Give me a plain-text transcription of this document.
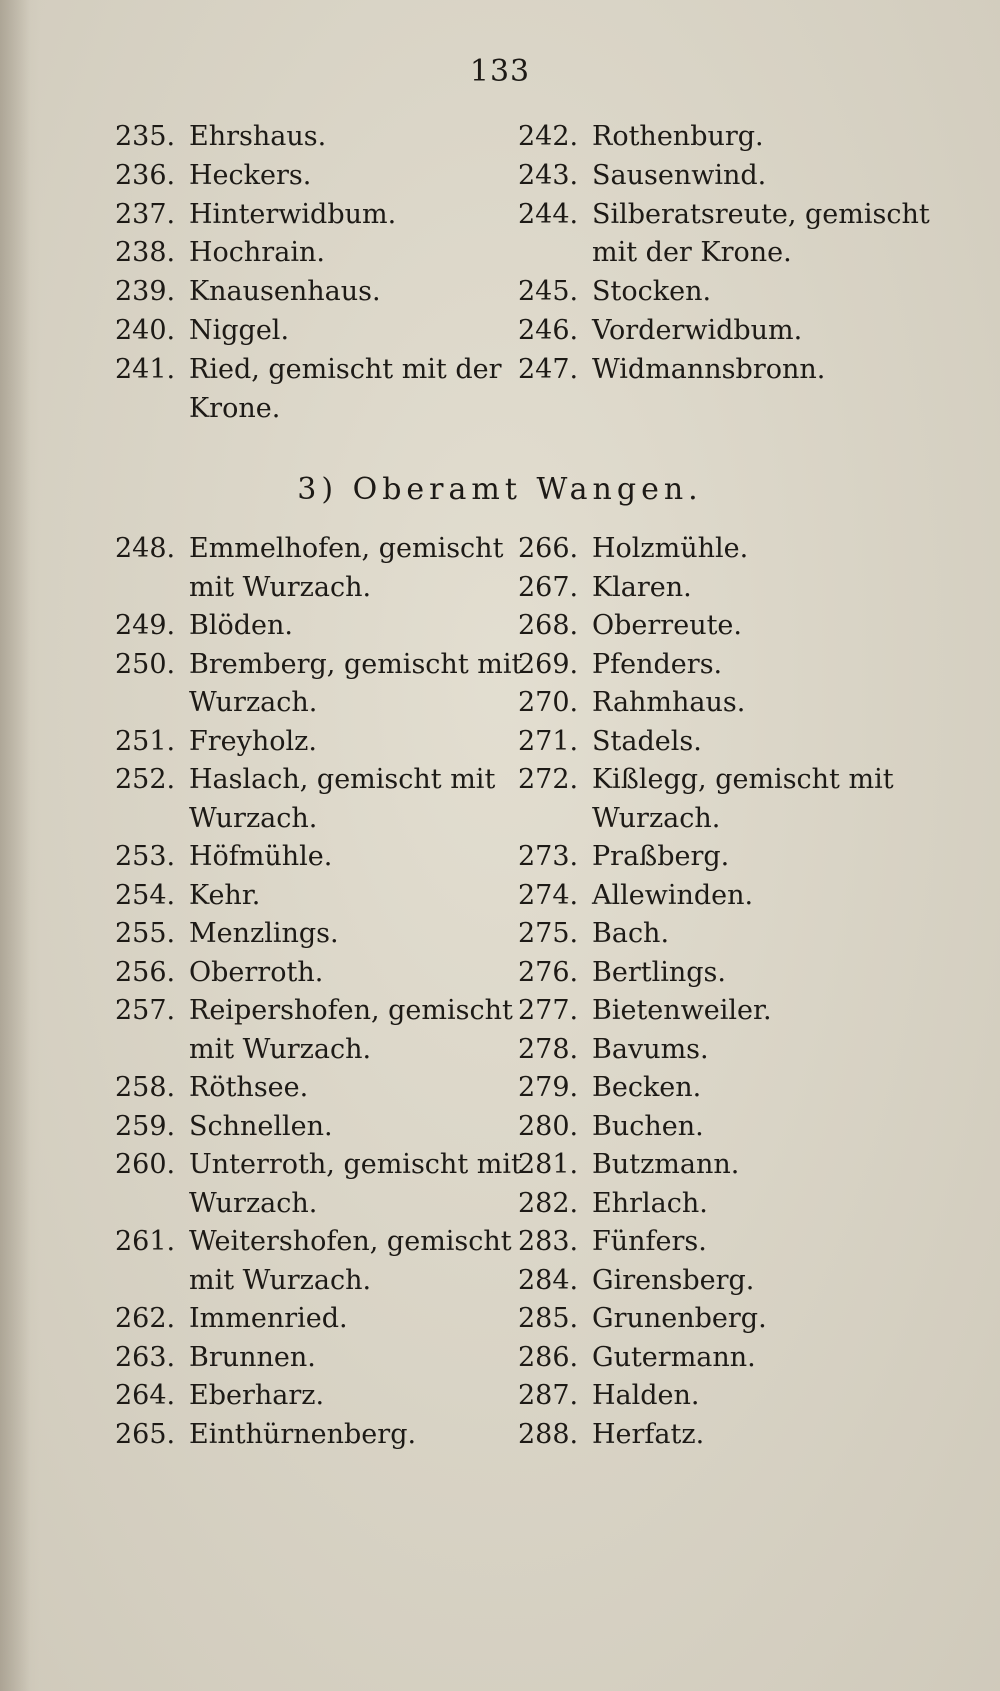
133
235. Ehrshaus.
236. Heckers.
237. Hinterwidbum.
238. Hochrain.
239. Knausenhaus.
240. Niggel.
241. Ried, gemischt mit der
Krone.
242. Rothenburg.
243. Sausenwind.
244. Silberatsreute, gemischt
mit der Krone.
245. Stocken.
246. Vorderwidbum.
247. Widmannsbronn.
3) Oberamt Wangen.
248. Emmelhofen, gemischt
mit Wurzach.
249. Blöden.
250. Bremberg, gemischt mit
Wurzach.
251. Freyholz.
252. Haslach, gemischt mit
Wurzach.
253. Höfmühle.
254. Kehr.
255. Menzlings.
256. Oberroth.
257. Reipershofen, gemischt
mit Wurzach.
258. Röthsee.
259. Schnellen.
260. Unterroth, gemischt mit
Wurzach.
261. Weitershofen, gemischt
mit Wurzach.
262. Immenried.
263. Brunnen.
264. Eberharz.
265. Einthürnenberg.
266. Holzmühle.
267. Klaren.
268. Oberreute.
269. Pfenders.
270. Rahmhaus.
271. Stadels.
272. Kißlegg, gemischt mit
Wurzach.
273. Praßberg.
274. Allewinden.
275. Bach.
276. Bertlings.
277. Bietenweiler.
278. Bavums.
279. Becken.
280. Buchen.
281. Butzmann.
282. Ehrlach.
283. Fünfers.
284. Girensberg.
285. Grunenberg.
286. Gutermann.
287. Halden.
288. Herfatz.
